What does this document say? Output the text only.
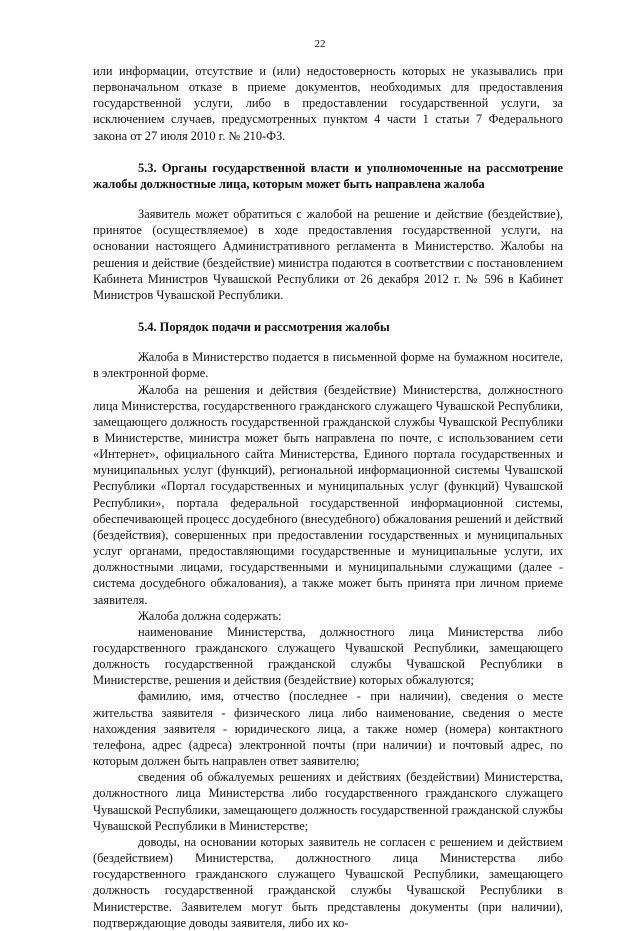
22

или информации, отсутствие и (или) недостоверность которых не указывались при первоначальном отказе в приеме документов, необходимых для предоставления государственной услуги, либо в предоставлении государственной услуги, за исключением случаев, предусмотренных пунктом 4 части 1 статьи 7 Федерального закона от 27 июля 2010 г. № 210-ФЗ.

5.3. Органы государственной власти и уполномоченные на рассмотрение жалобы должностные лица, которым может быть направлена жалоба

Заявитель может обратиться с жалобой на решение и действие (бездействие), принятое (осуществляемое) в ходе предоставления государственной услуги, на основании настоящего Административного регламента в Министерство. Жалобы на решения и действие (бездействие) министра подаются в соответствии с постановлением Кабинета Министров Чувашской Республики от 26 декабря 2012 г. № 596 в Кабинет Министров Чувашской Республики.

5.4. Порядок подачи и рассмотрения жалобы

Жалоба в Министерство подается в письменной форме на бумажном носителе, в электронной форме.

Жалоба на решения и действия (бездействие) Министерства, должностного лица Министерства, государственного гражданского служащего Чувашской Республики, замещающего должность государственной гражданской службы Чувашской Республики в Министерстве, министра может быть направлена по почте, с использованием сети «Интернет», официального сайта Министерства, Единого портала государственных и муниципальных услуг (функций), региональной информационной системы Чувашской Республики «Портал государственных и муниципальных услуг (функций) Чувашской Республики», портала федеральной государственной информационной системы, обеспечивающей процесс досудебного (внесудебного) обжалования решений и действий (бездействия), совершенных при предоставлении государственных и муниципальных услуг органами, предоставляющими государственные и муниципальные услуги, их должностными лицами, государственными и муниципальными служащими (далее - система досудебного обжалования), а также может быть принята при личном приеме заявителя.

Жалоба должна содержать:

наименование Министерства, должностного лица Министерства либо государственного гражданского служащего Чувашской Республики, замещающего должность государственной гражданской службы Чувашской Республики в Министерстве, решения и действия (бездействие) которых обжалуются;

фамилию, имя, отчество (последнее - при наличии), сведения о месте жительства заявителя - физического лица либо наименование, сведения о месте нахождения заявителя - юридического лица, а также номер (номера) контактного телефона, адрес (адреса) электронной почты (при наличии) и почтовый адрес, по которым должен быть направлен ответ заявителю;

сведения об обжалуемых решениях и действиях (бездействии) Министерства, должностного лица Министерства либо государственного гражданского служащего Чувашской Республики, замещающего должность государственной гражданской службы Чувашской Республики в Министерстве;

доводы, на основании которых заявитель не согласен с решением и действием (бездействием) Министерства, должностного лица Министерства либо государственного гражданского служащего Чувашской Республики, замещающего должность государственной гражданской службы Чувашской Республики в Министерстве. Заявителем могут быть представлены документы (при наличии), подтверждающие доводы заявителя, либо их ко-
